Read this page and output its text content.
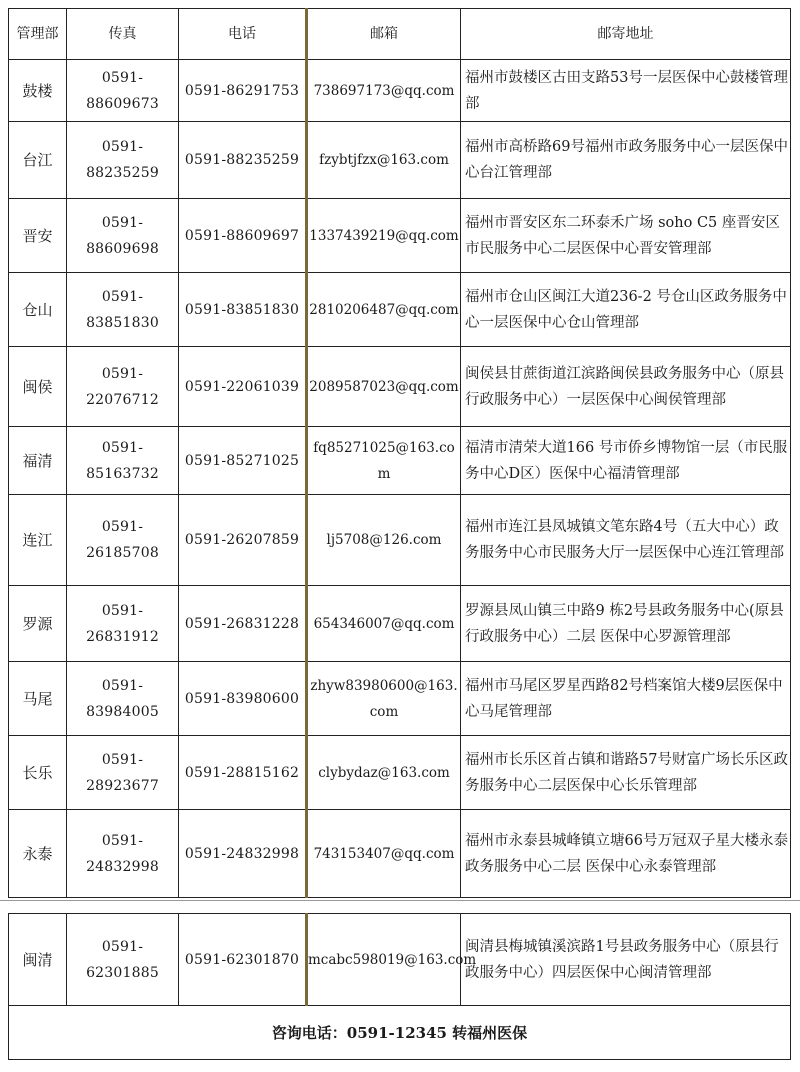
管理部	传真	电话	邮箱	邮寄地址
鼓楼	0591-88609673	0591-86291753	738697173@qq.com	福州市鼓楼区古田支路53号一层医保中心鼓楼管理部
台江	0591-88235259	0591-88235259	fzybtjfzx@163.com	福州市高桥路69号福州市政务服务中心一层医保中心台江管理部
晋安	0591-88609698	0591-88609697	1337439219@qq.com	福州市晋安区东二环泰禾广场 soho C5 座晋安区市民服务中心二层医保中心晋安管理部
仓山	0591-83851830	0591-83851830	2810206487@qq.com	福州市仓山区闽江大道236-2 号仓山区政务服务中心一层医保中心仓山管理部
闽侯	0591-22076712	0591-22061039	2089587023@qq.com	闽侯县甘蔗街道江滨路闽侯县政务服务中心（原县行政服务中心）一层医保中心闽侯管理部
福清	0591-85163732	0591-85271025	fq85271025@163.com	福清市清荣大道166 号市侨乡博物馆一层（市民服务中心D区）医保中心福清管理部
连江	0591-26185708	0591-26207859	lj5708@126.com	福州市连江县凤城镇文笔东路4号（五大中心）政务服务中心市民服务大厅一层医保中心连江管理部
罗源	0591-26831912	0591-26831228	654346007@qq.com	罗源县凤山镇三中路9 栋2号县政务服务中心(原县行政服务中心）二层 医保中心罗源管理部
马尾	0591-83984005	0591-83980600	zhyw83980600@163.com	福州市马尾区罗星西路82号档案馆大楼9层医保中心马尾管理部
长乐	0591-28923677	0591-28815162	clybydaz@163.com	福州市长乐区首占镇和谐路57号财富广场长乐区政务服务中心二层医保中心长乐管理部
永泰	0591-24832998	0591-24832998	743153407@qq.com	福州市永泰县城峰镇立塘66号万冠双子星大楼永泰政务服务中心二层 医保中心永泰管理部
闽清	0591-62301885	0591-62301870	mcabc598019@163.com	闽清县梅城镇溪滨路1号县政务服务中心（原县行政服务中心）四层医保中心闽清管理部
咨询电话：0591-12345 转福州医保
